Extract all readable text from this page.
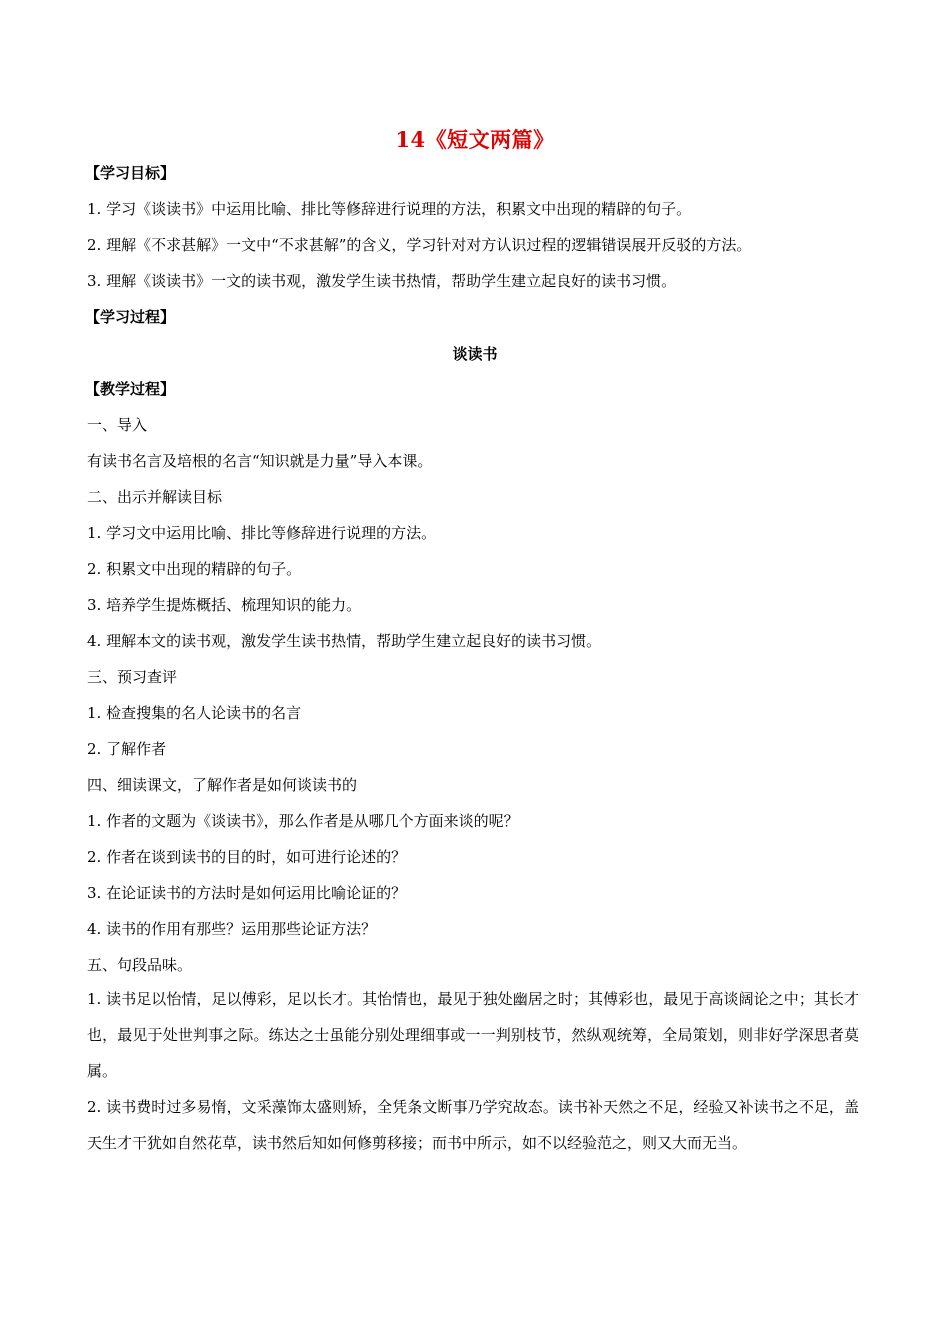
14《短文两篇》
【学习目标】
1. 学习《谈读书》中运用比喻、排比等修辞进行说理的方法，积累文中出现的精辟的句子。
2. 理解《不求甚解》一文中“不求甚解”的含义，学习针对对方认识过程的逻辑错误展开反驳的方法。
3. 理解《谈读书》一文的读书观，激发学生读书热情，帮助学生建立起良好的读书习惯。
【学习过程】
谈读书
【教学过程】
一、导入
有读书名言及培根的名言“知识就是力量”导入本课。
二、出示并解读目标
1. 学习文中运用比喻、排比等修辞进行说理的方法。
2. 积累文中出现的精辟的句子。
3. 培养学生提炼概括、梳理知识的能力。
4. 理解本文的读书观，激发学生读书热情，帮助学生建立起良好的读书习惯。
三、预习查评
1. 检查搜集的名人论读书的名言
2. 了解作者
四、细读课文，了解作者是如何谈读书的
1. 作者的文题为《谈读书》，那么作者是从哪几个方面来谈的呢？
2. 作者在谈到读书的目的时，如可进行论述的？
3. 在论证读书的方法时是如何运用比喻论证的？
4. 读书的作用有那些？运用那些论证方法？
五、句段品味。
1. 读书足以怡情，足以傅彩，足以长才。其怡情也，最见于独处幽居之时；其傅彩也，最见于高谈阔论之中；其长才也，最见于处世判事之际。练达之士虽能分别处理细事或一一判别枝节，然纵观统筹，全局策划，则非好学深思者莫属。
2. 读书费时过多易惰，文采藻饰太盛则矫，全凭条文断事乃学究故态。读书补天然之不足，经验又补读书之不足，盖天生才干犹如自然花草，读书然后知如何修剪移接；而书中所示，如不以经验范之，则又大而无当。
